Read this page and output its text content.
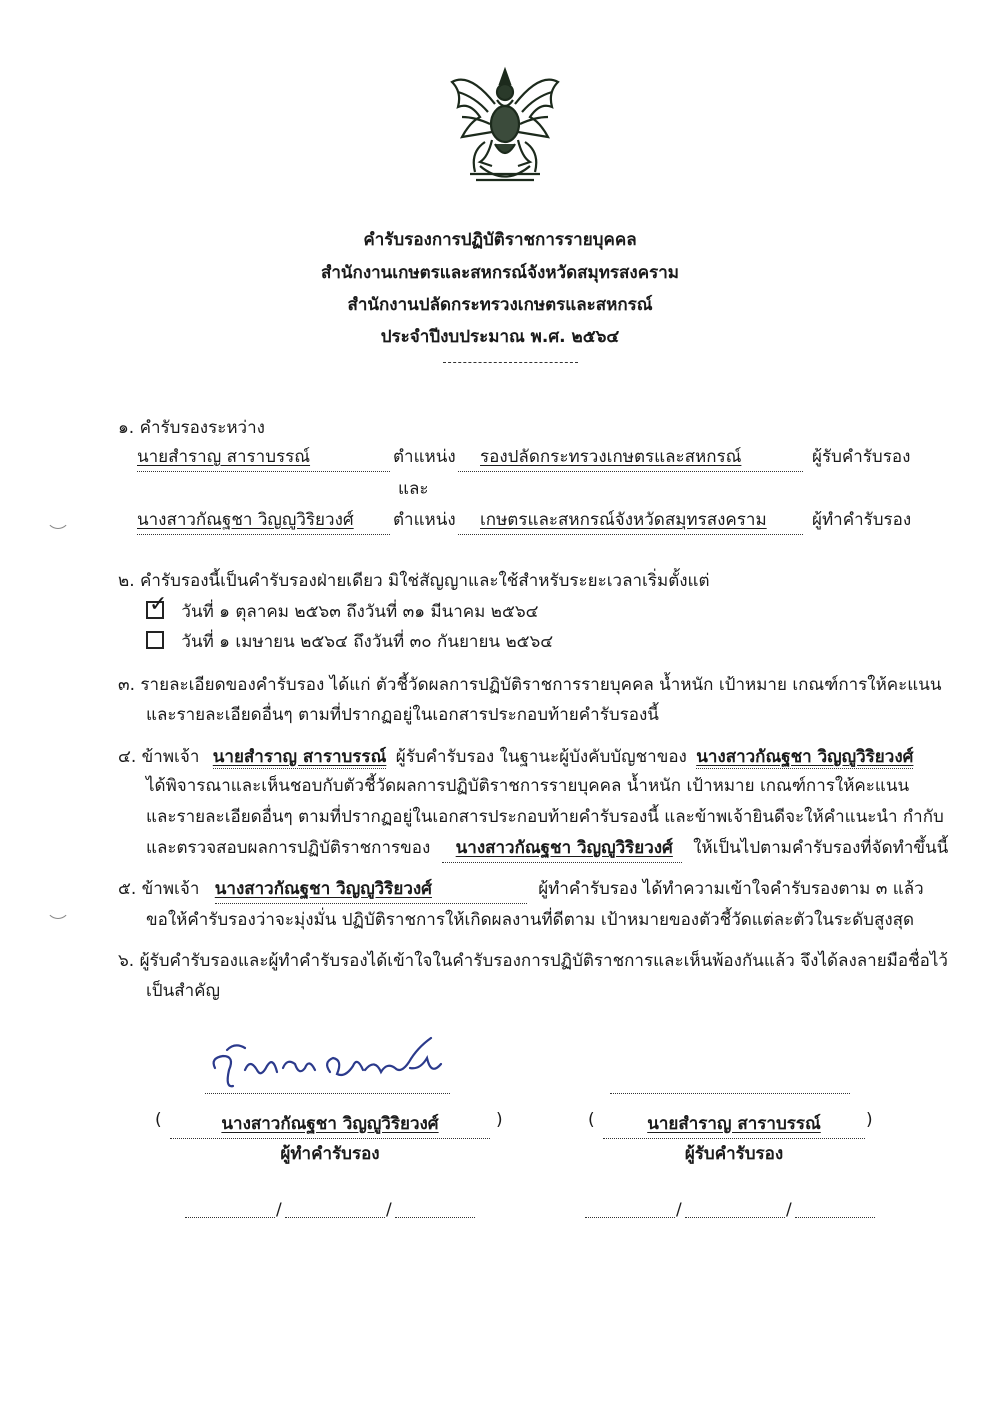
คำรับรองการปฏิบัติราชการรายบุคคล
สำนักงานเกษตรและสหกรณ์จังหวัดสมุทรสงคราม
สำนักงานปลัดกระทรวงเกษตรและสหกรณ์
ประจำปีงบประมาณ พ.ศ. ๒๕๖๔
๑. คำรับรองระหว่าง
นายสำราญ สาราบรรณ์	ตำแหน่ง	รองปลัดกระทรวงเกษตรและสหกรณ์	ผู้รับคำรับรอง
และ
นางสาวกัณฐชา วิญญูวิริยวงศ์	ตำแหน่ง	เกษตรและสหกรณ์จังหวัดสมุทรสงคราม	ผู้ทำคำรับรอง
๒. คำรับรองนี้เป็นคำรับรองฝ่ายเดียว มิใช่สัญญาและใช้สำหรับระยะเวลาเริ่มตั้งแต่
✓ วันที่ ๑ ตุลาคม ๒๕๖๓ ถึงวันที่ ๓๑ มีนาคม ๒๕๖๔
วันที่ ๑ เมษายน ๒๕๖๔ ถึงวันที่ ๓๐ กันยายน ๒๕๖๔
๓. รายละเอียดของคำรับรอง ได้แก่ ตัวชี้วัดผลการปฏิบัติราชการรายบุคคล น้ำหนัก เป้าหมาย เกณฑ์การให้คะแนน
และรายละเอียดอื่นๆ ตามที่ปรากฏอยู่ในเอกสารประกอบท้ายคำรับรองนี้
๔. ข้าพเจ้า นายสำราญ สาราบรรณ์ ผู้รับคำรับรอง ในฐานะผู้บังคับบัญชาของ นางสาวกัณฐชา วิญญูวิริยวงศ์
ได้พิจารณาและเห็นชอบกับตัวชี้วัดผลการปฏิบัติราชการรายบุคคล น้ำหนัก เป้าหมาย เกณฑ์การให้คะแนน
และรายละเอียดอื่นๆ ตามที่ปรากฏอยู่ในเอกสารประกอบท้ายคำรับรองนี้ และข้าพเจ้ายินดีจะให้คำแนะนำ กำกับ
และตรวจสอบผลการปฏิบัติราชการของ นางสาวกัณฐชา วิญญูวิริยวงศ์ ให้เป็นไปตามคำรับรองที่จัดทำขึ้นนี้
๕. ข้าพเจ้า นางสาวกัณฐชา วิญญูวิริยวงศ์	ผู้ทำคำรับรอง ได้ทำความเข้าใจคำรับรองตาม ๓ แล้ว
ขอให้คำรับรองว่าจะมุ่งมั่น ปฏิบัติราชการให้เกิดผลงานที่ดีตาม เป้าหมายของตัวชี้วัดแต่ละตัวในระดับสูงสุด
๖. ผู้รับคำรับรองและผู้ทำคำรับรองได้เข้าใจในคำรับรองการปฏิบัติราชการและเห็นพ้องกันแล้ว จึงได้ลงลายมือชื่อไว้
เป็นสำคัญ
(	นางสาวกัณฐชา วิญญูวิริยวงศ์	)
ผู้ทำคำรับรอง
(	นายสำราญ สาราบรรณ์	)
ผู้รับคำรับรอง
/	/	/	/
